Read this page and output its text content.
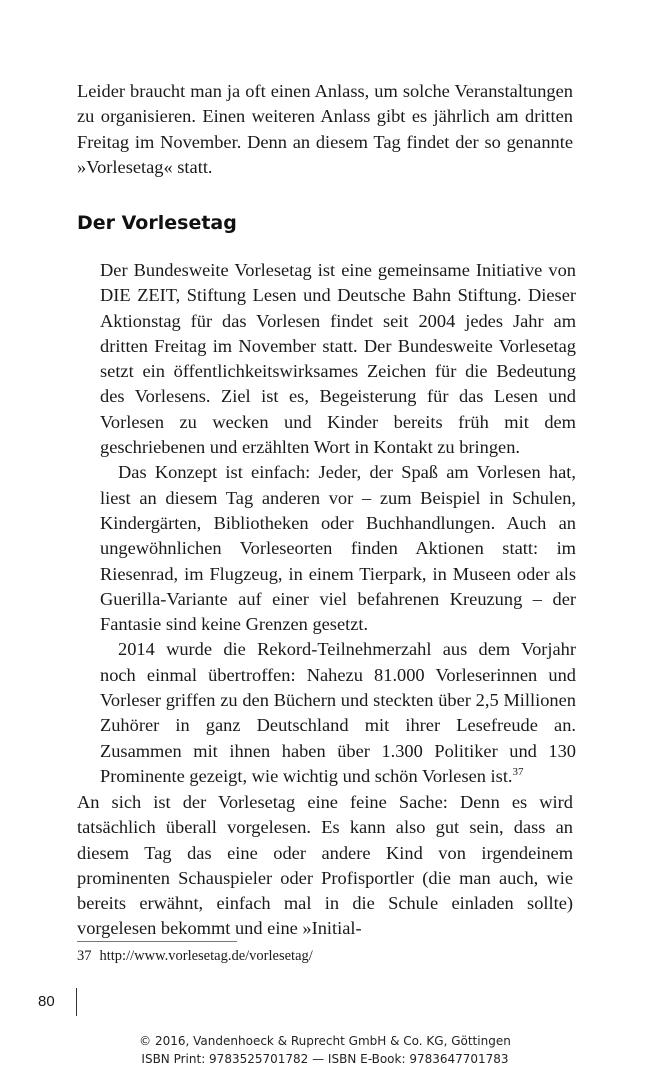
Leider braucht man ja oft einen Anlass, um solche Veranstaltungen zu organisieren. Einen weiteren Anlass gibt es jährlich am dritten Freitag im November. Denn an diesem Tag findet der so genannte »Vorlesetag« statt.

Der Vorlesetag

Der Bundesweite Vorlesetag ist eine gemeinsame Initiative von DIE ZEIT, Stiftung Lesen und Deutsche Bahn Stiftung. Dieser Aktionstag für das Vorlesen findet seit 2004 jedes Jahr am dritten Freitag im November statt. Der Bundesweite Vorlesetag setzt ein öffentlichkeitswirksames Zeichen für die Bedeutung des Vorlesens. Ziel ist es, Begeisterung für das Lesen und Vorlesen zu wecken und Kinder bereits früh mit dem geschriebenen und erzählten Wort in Kontakt zu bringen.

Das Konzept ist einfach: Jeder, der Spaß am Vorlesen hat, liest an diesem Tag anderen vor – zum Beispiel in Schulen, Kindergärten, Bibliotheken oder Buchhandlungen. Auch an ungewöhnlichen Vorleseorten finden Aktionen statt: im Riesenrad, im Flugzeug, in einem Tierpark, in Museen oder als Guerilla-Variante auf einer viel befahrenen Kreuzung – der Fantasie sind keine Grenzen gesetzt.

2014 wurde die Rekord-Teilnehmerzahl aus dem Vorjahr noch einmal übertroffen: Nahezu 81.000 Vorleserinnen und Vorleser griffen zu den Büchern und steckten über 2,5 Millionen Zuhörer in ganz Deutschland mit ihrer Lesefreude an. Zusammen mit ihnen haben über 1.300 Politiker und 130 Prominente gezeigt, wie wichtig und schön Vorlesen ist.$^{37}$

An sich ist der Vorlesetag eine feine Sache: Denn es wird tatsächlich überall vorgelesen. Es kann also gut sein, dass an diesem Tag das eine oder andere Kind von irgendeinem prominenten Schauspieler oder Profisportler (die man auch, wie bereits erwähnt, einfach mal in die Schule einladen sollte) vorgelesen bekommt und eine »Initial-

37 http://www.vorlesetag.de/vorlesetag/

80
© 2016, Vandenhoeck & Ruprecht GmbH & Co. KG, Göttingen
ISBN Print: 9783525701782 — ISBN E-Book: 9783647701783
